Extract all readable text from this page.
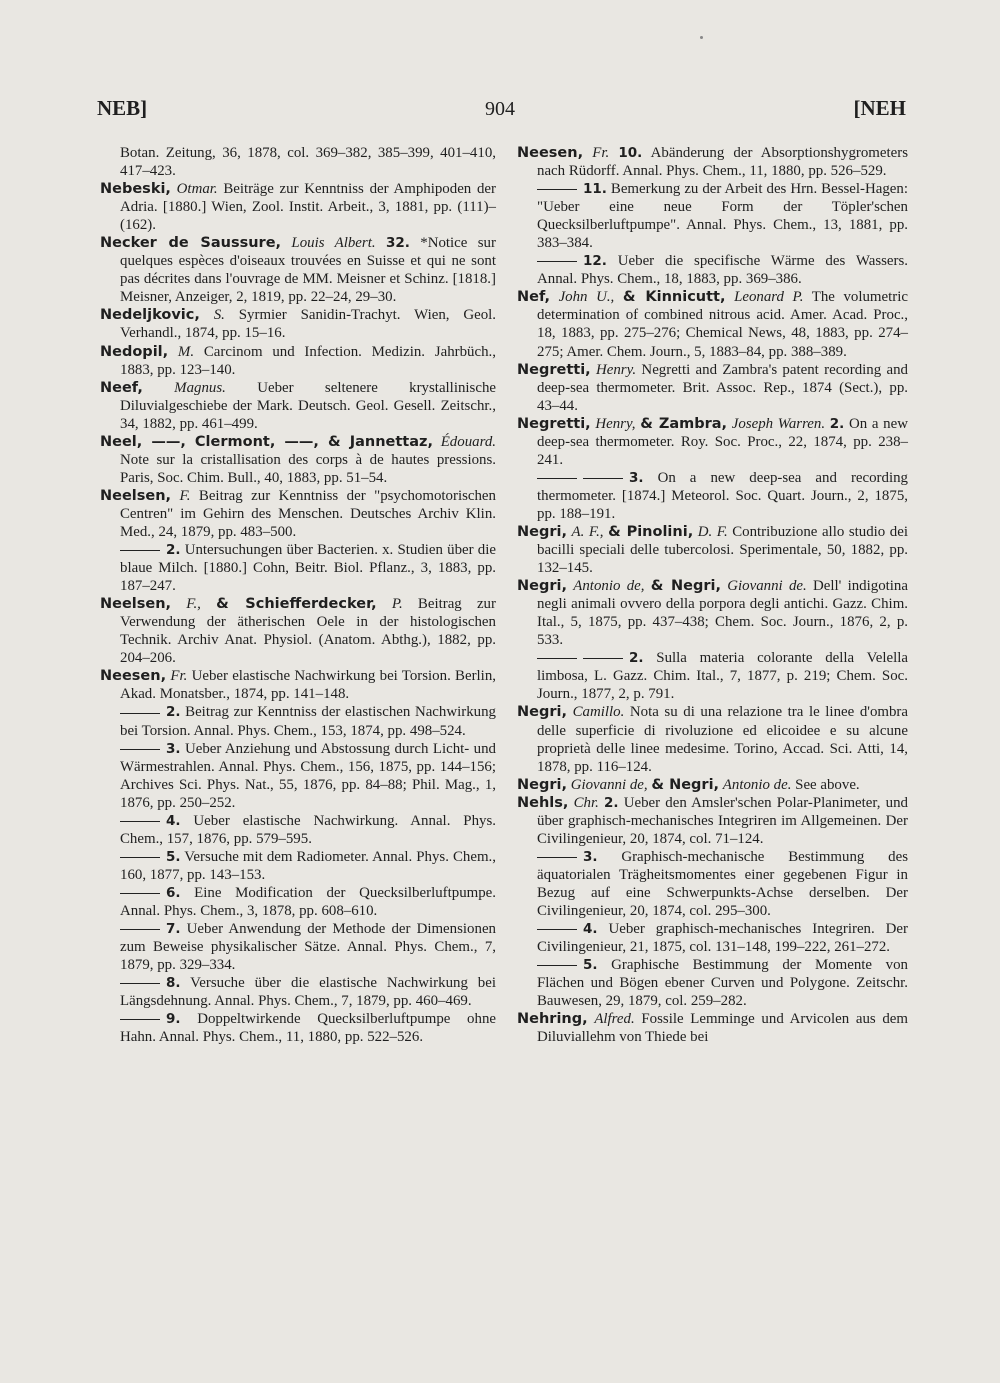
NEB]	904	[NEH

Botan. Zeitung, 36, 1878, col. 369–382, 385–399, 401–410, 417–423.

Nebeski, Otmar. Beiträge zur Kenntniss der Amphipoden der Adria. [1880.] Wien, Zool. Instit. Arbeit., 3, 1881, pp. (111)–(162).

Necker de Saussure, Louis Albert. 32. *Notice sur quelques espèces d'oiseaux trouvées en Suisse et qui ne sont pas décrites dans l'ouvrage de MM. Meisner et Schinz. [1818.] Meisner, Anzeiger, 2, 1819, pp. 22–24, 29–30.

Nedeljkovic, S. Syrmier Sanidin-Trachyt. Wien, Geol. Verhandl., 1874, pp. 15–16.

Nedopil, M. Carcinom und Infection. Medizin. Jahrbüch., 1883, pp. 123–140.

Neef, Magnus. Ueber seltenere krystallinische Diluvialgeschiebe der Mark. Deutsch. Geol. Gesell. Zeitschr., 34, 1882, pp. 461–499.

Neel, ——, Clermont, ——, & Jannettaz, Édouard. Note sur la cristallisation des corps à de hautes pressions. Paris, Soc. Chim. Bull., 40, 1883, pp. 51–54.

Neelsen, F. Beitrag zur Kenntniss der "psychomotorischen Centren" im Gehirn des Menschen. Deutsches Archiv Klin. Med., 24, 1879, pp. 483–500.

2. Untersuchungen über Bacterien. x. Studien über die blaue Milch. [1880.] Cohn, Beitr. Biol. Pflanz., 3, 1883, pp. 187–247.

Neelsen, F., & Schiefferdecker, P. Beitrag zur Verwendung der ätherischen Oele in der histologischen Technik. Archiv Anat. Physiol. (Anatom. Abthg.), 1882, pp. 204–206.

Neesen, Fr. Ueber elastische Nachwirkung bei Torsion. Berlin, Akad. Monatsber., 1874, pp. 141–148.

2. Beitrag zur Kenntniss der elastischen Nachwirkung bei Torsion. Annal. Phys. Chem., 153, 1874, pp. 498–524.

3. Ueber Anziehung und Abstossung durch Licht- und Wärmestrahlen. Annal. Phys. Chem., 156, 1875, pp. 144–156; Archives Sci. Phys. Nat., 55, 1876, pp. 84–88; Phil. Mag., 1, 1876, pp. 250–252.

4. Ueber elastische Nachwirkung. Annal. Phys. Chem., 157, 1876, pp. 579–595.

5. Versuche mit dem Radiometer. Annal. Phys. Chem., 160, 1877, pp. 143–153.

6. Eine Modification der Quecksilberluftpumpe. Annal. Phys. Chem., 3, 1878, pp. 608–610.

7. Ueber Anwendung der Methode der Dimensionen zum Beweise physikalischer Sätze. Annal. Phys. Chem., 7, 1879, pp. 329–334.

8. Versuche über die elastische Nachwirkung bei Längsdehnung. Annal. Phys. Chem., 7, 1879, pp. 460–469.

9. Doppeltwirkende Quecksilberluftpumpe ohne Hahn. Annal. Phys. Chem., 11, 1880, pp. 522–526.

Neesen, Fr. 10. Abänderung der Absorptionshygrometers nach Rüdorff. Annal. Phys. Chem., 11, 1880, pp. 526–529.

11. Bemerkung zu der Arbeit des Hrn. Bessel-Hagen: "Ueber eine neue Form der Töpler'schen Quecksilberluftpumpe". Annal. Phys. Chem., 13, 1881, pp. 383–384.

12. Ueber die specifische Wärme des Wassers. Annal. Phys. Chem., 18, 1883, pp. 369–386.

Nef, John U., & Kinnicutt, Leonard P. The volumetric determination of combined nitrous acid. Amer. Acad. Proc., 18, 1883, pp. 275–276; Chemical News, 48, 1883, pp. 274–275; Amer. Chem. Journ., 5, 1883–84, pp. 388–389.

Negretti, Henry. Negretti and Zambra's patent recording and deep-sea thermometer. Brit. Assoc. Rep., 1874 (Sect.), pp. 43–44.

Negretti, Henry, & Zambra, Joseph Warren. 2. On a new deep-sea thermometer. Roy. Soc. Proc., 22, 1874, pp. 238–241.

3. On a new deep-sea and recording thermometer. [1874.] Meteorol. Soc. Quart. Journ., 2, 1875, pp. 188–191.

Negri, A. F., & Pinolini, D. F. Contribuzione allo studio dei bacilli speciali delle tubercolosi. Sperimentale, 50, 1882, pp. 132–145.

Negri, Antonio de, & Negri, Giovanni de. Dell' indigotina negli animali ovvero della porpora degli antichi. Gazz. Chim. Ital., 5, 1875, pp. 437–438; Chem. Soc. Journ., 1876, 2, p. 533.

2. Sulla materia colorante della Velella limbosa, L. Gazz. Chim. Ital., 7, 1877, p. 219; Chem. Soc. Journ., 1877, 2, p. 791.

Negri, Camillo. Nota su di una relazione tra le linee d'ombra delle superficie di rivoluzione ed elicoidee e su alcune proprietà delle linee medesime. Torino, Accad. Sci. Atti, 14, 1878, pp. 116–124.

Negri, Giovanni de, & Negri, Antonio de. See above.

Nehls, Chr. 2. Ueber den Amsler'schen Polar-Planimeter, und über graphisch-mechanisches Integriren im Allgemeinen. Der Civilingenieur, 20, 1874, col. 71–124.

3. Graphisch-mechanische Bestimmung des äquatorialen Trägheitsmomentes einer gegebenen Figur in Bezug auf eine Schwerpunkts-Achse derselben. Der Civilingenieur, 20, 1874, col. 295–300.

4. Ueber graphisch-mechanisches Integriren. Der Civilingenieur, 21, 1875, col. 131–148, 199–222, 261–272.

5. Graphische Bestimmung der Momente von Flächen und Bögen ebener Curven und Polygone. Zeitschr. Bauwesen, 29, 1879, col. 259–282.

Nehring, Alfred. Fossile Lemminge und Arvicolen aus dem Diluviallehm von Thiede bei
